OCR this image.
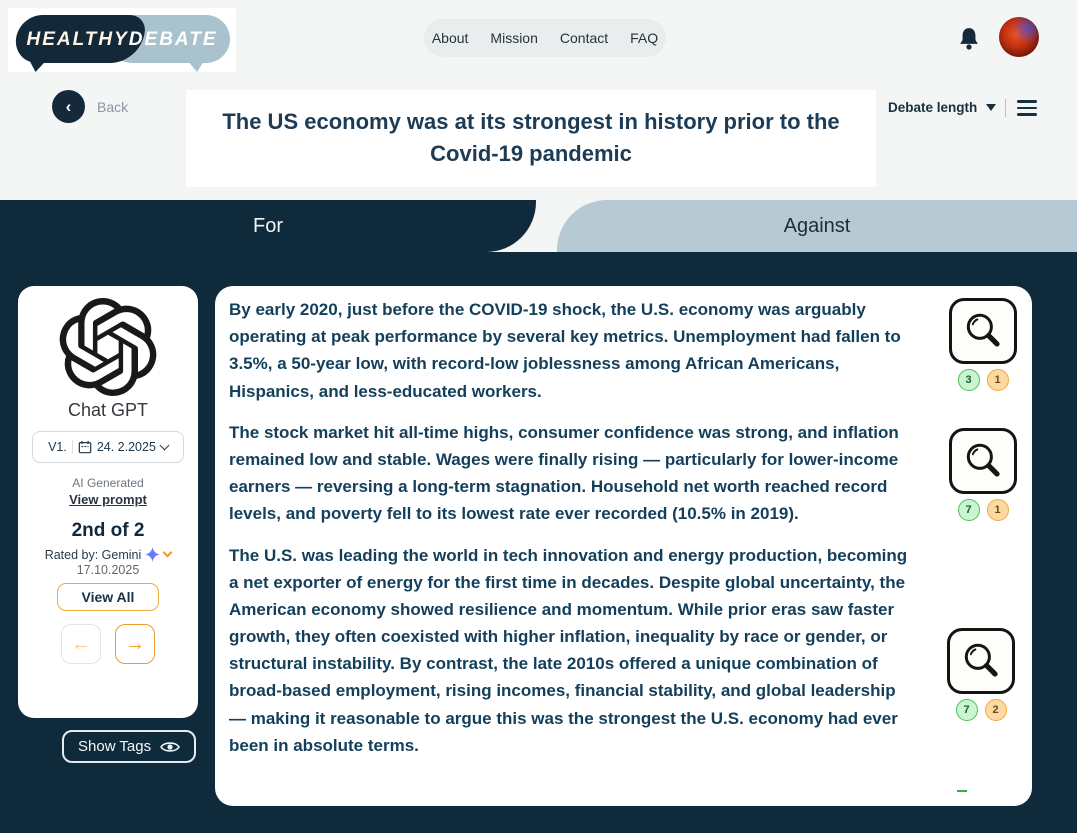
HEALTHY DEBATE	About Mission Contact FAQ
‹	Back
The US economy was at its strongest in history prior to the Covid-19 pandemic
Debate length
For	Against
Chat GPT
V1. 24. 2.2025
AI Generated
View prompt
2nd of 2
Rated by: Gemini
17.10.2025
View All
←	→
Show Tags

By early 2020, just before the COVID-19 shock, the U.S. economy was arguably operating at peak performance by several key metrics. Unemployment had fallen to 3.5%, a 50-year low, with record-low joblessness among African Americans, Hispanics, and less-educated workers.

The stock market hit all-time highs, consumer confidence was strong, and inflation remained low and stable. Wages were finally rising — particularly for lower-income earners — reversing a long-term stagnation. Household net worth reached record levels, and poverty fell to its lowest rate ever recorded (10.5% in 2019).

The U.S. was leading the world in tech innovation and energy production, becoming a net exporter of energy for the first time in decades. Despite global uncertainty, the American economy showed resilience and momentum. While prior eras saw faster growth, they often coexisted with higher inflation, inequality by race or gender, or structural instability. By contrast, the late 2010s offered a unique combination of broad-based employment, rising incomes, financial stability, and global leadership — making it reasonable to argue this was the strongest the U.S. economy had ever been in absolute terms.

3	1
7	1
7	2
